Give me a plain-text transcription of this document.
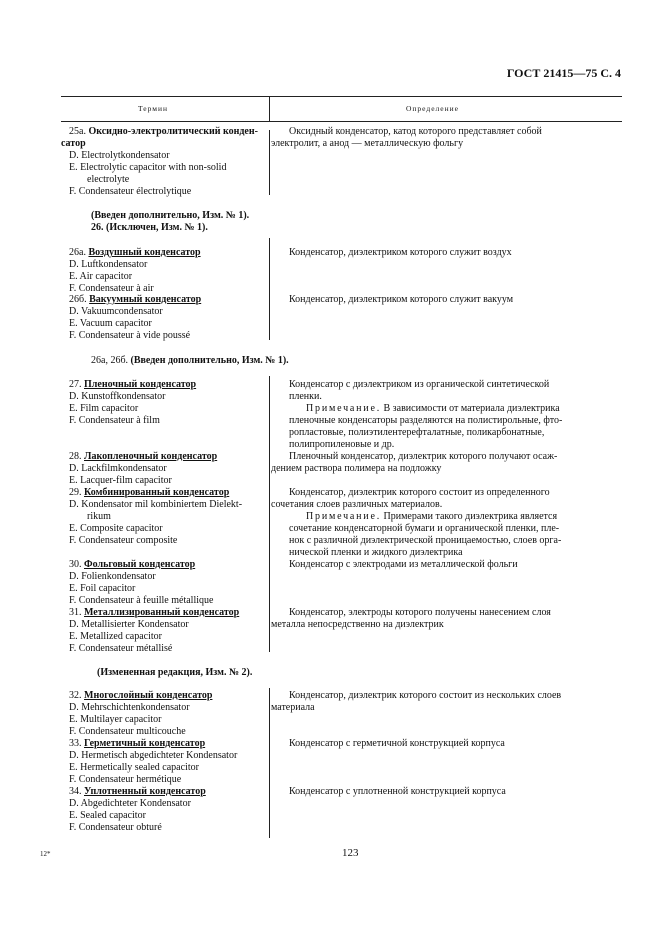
ГОСТ 21415—75 С. 4
Термин	Определение
25а. Оксидно-электролитический конден-
сатор
D. Electrolytkondensator
E. Electrolytic capacitor with non-solid
electrolyte
F. Condensateur électrolytique
Оксидный конденсатор, катод которого представляет собой
электролит, а анод — металлическую фольгу
(Введен дополнительно, Изм. № 1).
26. (Исключен, Изм. № 1).
26а. Воздушный конденсатор
D. Luftkondensator
E. Air capacitor
F. Condensateur à air
Конденсатор, диэлектриком которого служит воздух
26б. Вакуумный конденсатор
D. Vakuumcondensator
E. Vacuum capacitor
F. Condensateur à vide poussé
Конденсатор, диэлектриком которого служит вакуум
26а, 26б. (Введен дополнительно, Изм. № 1).
27. Пленочный конденсатор
D. Kunstoffkondensator
E. Film capacitor
F. Condensateur à film
Конденсатор с диэлектриком из органической синтетической
пленки.
Примечание. В зависимости от материала диэлектрика
пленочные конденсаторы разделяются на полистирольные, фто-
ропластовые, полиэтилентерефталатные, поликарбонатные,
полипропиленовые и др.
28. Лакопленочный конденсатор
D. Lackfilmkondensator
E. Lacquer-film capacitor
Пленочный конденсатор, диэлектрик которого получают осаж-
дением раствора полимера на подложку
29. Комбинированный конденсатор
D. Kondensator mil kombiniertem Dielekt-
rikum
E. Composite capacitor
F. Condensateur composite
Конденсатор, диэлектрик которого состоит из определенного
сочетания слоев различных материалов.
Примечание. Примерами такого диэлектрика является
сочетание конденсаторной бумаги и органической пленки, пле-
нок с различной диэлектрической проницаемостью, слоев орга-
нической пленки и жидкого диэлектрика
30. Фольговый конденсатор
D. Folienkondensator
E. Foil capacitor
F. Condensateur à feuille métallique
Конденсатор с электродами из металлической фольги
31. Металлизированный конденсатор
D. Metallisierter Kondensator
E. Metallized capacitor
F. Condensateur métallisé
Конденсатор, электроды которого получены нанесением слоя
металла непосредственно на диэлектрик
(Измененная редакция, Изм. № 2).
32. Многослойный конденсатор
D. Mehrschichtenkondensator
E. Multilayer capacitor
F. Condensateur multicouche
Конденсатор, диэлектрик которого состоит из нескольких слоев
материала
33. Герметичный конденсатор
D. Hermetisch abgedichteter Kondensator
E. Hermetically sealed capacitor
F. Condensateur hermétique
Конденсатор с герметичной конструкцией корпуса
34. Уплотненный конденсатор
D. Abgedichteter Kondensator
E. Sealed capacitor
F. Condensateur obturé
Конденсатор с уплотненной конструкцией корпуса
12*	123
